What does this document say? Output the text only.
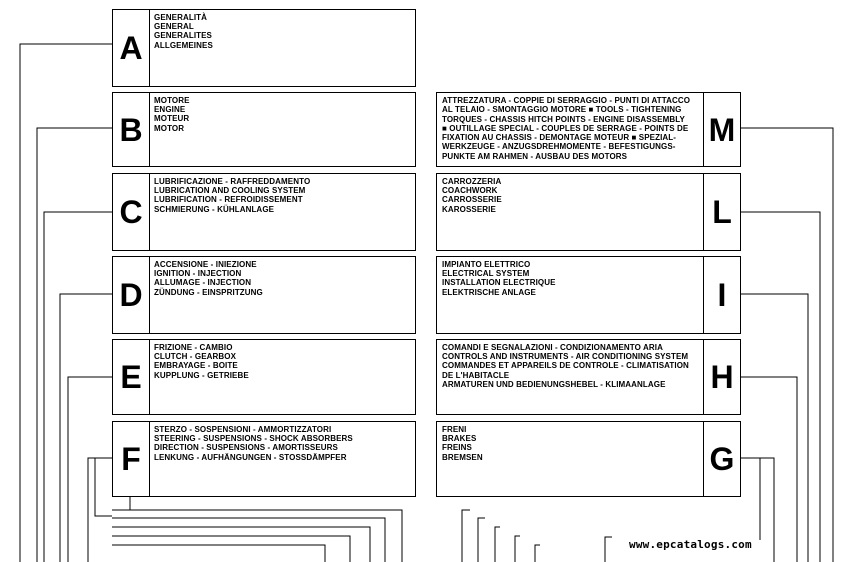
A
GENERALITÀ
GENERAL
GENERALITES
ALLGEMEINES
B
MOTORE
ENGINE
MOTEUR
MOTOR
C
LUBRIFICAZIONE - RAFFREDDAMENTO
LUBRICATION AND COOLING SYSTEM
LUBRIFICATION - REFROIDISSEMENT
SCHMIERUNG - KÜHLANLAGE
D
ACCENSIONE - INIEZIONE
IGNITION - INJECTION
ALLUMAGE - INJECTION
ZÜNDUNG - EINSPRITZUNG
E
FRIZIONE - CAMBIO
CLUTCH - GEARBOX
EMBRAYAGE - BOITE
KUPPLUNG - GETRIEBE
F
STERZO - SOSPENSIONI - AMMORTIZZATORI
STEERING - SUSPENSIONS - SHOCK ABSORBERS
DIRECTION - SUSPENSIONS - AMORTISSEURS
LENKUNG - AUFHÄNGUNGEN - STOSSDÄMPFER
ATTREZZATURA - COPPIE DI SERRAGGIO - PUNTI DI ATTACCO
AL TELAIO - SMONTAGGIO MOTORE ■ TOOLS - TIGHTENING
TORQUES - CHASSIS HITCH POINTS - ENGINE DISASSEMBLY
■ OUTILLAGE SPECIAL - COUPLES DE SERRAGE - POINTS DE
FIXATION AU CHASSIS - DEMONTAGE MOTEUR ■ SPEZIAL-
WERKZEUGE - ANZUGSDREHMOMENTE - BEFESTIGUNGS-
PUNKTE AM RAHMEN - AUSBAU DES MOTORS
M
CARROZZERIA
COACHWORK
CARROSSERIE
KAROSSERIE	L
IMPIANTO ELETTRICO
ELECTRICAL SYSTEM
INSTALLATION ELECTRIQUE
ELEKTRISCHE ANLAGE	I
COMANDI E SEGNALAZIONI - CONDIZIONAMENTO ARIA
CONTROLS AND INSTRUMENTS - AIR CONDITIONING SYSTEM
COMMANDES ET APPAREILS DE CONTROLE - CLIMATISATION
DE L'HABITACLE
ARMATUREN UND BEDIENUNGSHEBEL - KLIMAANLAGE	H
FRENI
BRAKES
FREINS
BREMSEN	G
www.epcatalogs.com
